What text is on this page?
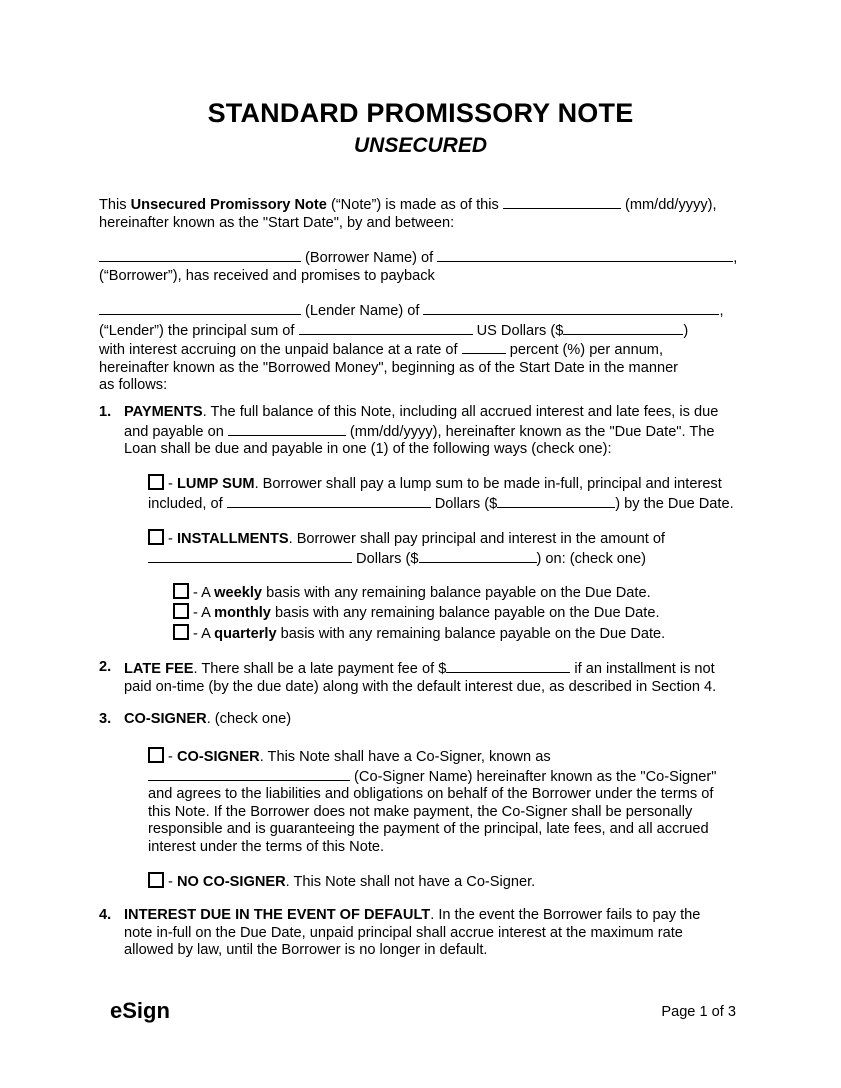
STANDARD PROMISSORY NOTE
UNSECURED
This Unsecured Promissory Note (“Note”) is made as of this	(mm/dd/yyyy),
hereinafter known as the "Start Date", by and between:
(Borrower Name) of	,
(“Borrower”), has received and promises to payback
(Lender Name) of	,
(“Lender”) the principal sum of	US Dollars ($	)
with interest accruing on the unpaid balance at a rate of	percent (%) per annum,
hereinafter known as the "Borrowed Money", beginning as of the Start Date in the manner
as follows:
1. PAYMENTS. The full balance of this Note, including all accrued interest and late fees, is due
and payable on	(mm/dd/yyyy), hereinafter known as the "Due Date". The
Loan shall be due and payable in one (1) of the following ways (check one):
- LUMP SUM. Borrower shall pay a lump sum to be made in-full, principal and interest
included, of	Dollars ($	) by the Due Date.
- INSTALLMENTS. Borrower shall pay principal and interest in the amount of
Dollars ($	) on: (check one)
- A weekly basis with any remaining balance payable on the Due Date.
- A monthly basis with any remaining balance payable on the Due Date.
- A quarterly basis with any remaining balance payable on the Due Date.
2. LATE FEE. There shall be a late payment fee of $	if an installment is not
paid on-time (by the due date) along with the default interest due, as described in Section 4.
3. CO-SIGNER. (check one)
- CO-SIGNER. This Note shall have a Co-Signer, known as
(Co-Signer Name) hereinafter known as the "Co-Signer"
and agrees to the liabilities and obligations on behalf of the Borrower under the terms of
this Note. If the Borrower does not make payment, the Co-Signer shall be personally
responsible and is guaranteeing the payment of the principal, late fees, and all accrued
interest under the terms of this Note.
- NO CO-SIGNER. This Note shall not have a Co-Signer.
4. INTEREST DUE IN THE EVENT OF DEFAULT. In the event the Borrower fails to pay the
note in-full on the Due Date, unpaid principal shall accrue interest at the maximum rate
allowed by law, until the Borrower is no longer in default.
eSign	Page 1 of 3
